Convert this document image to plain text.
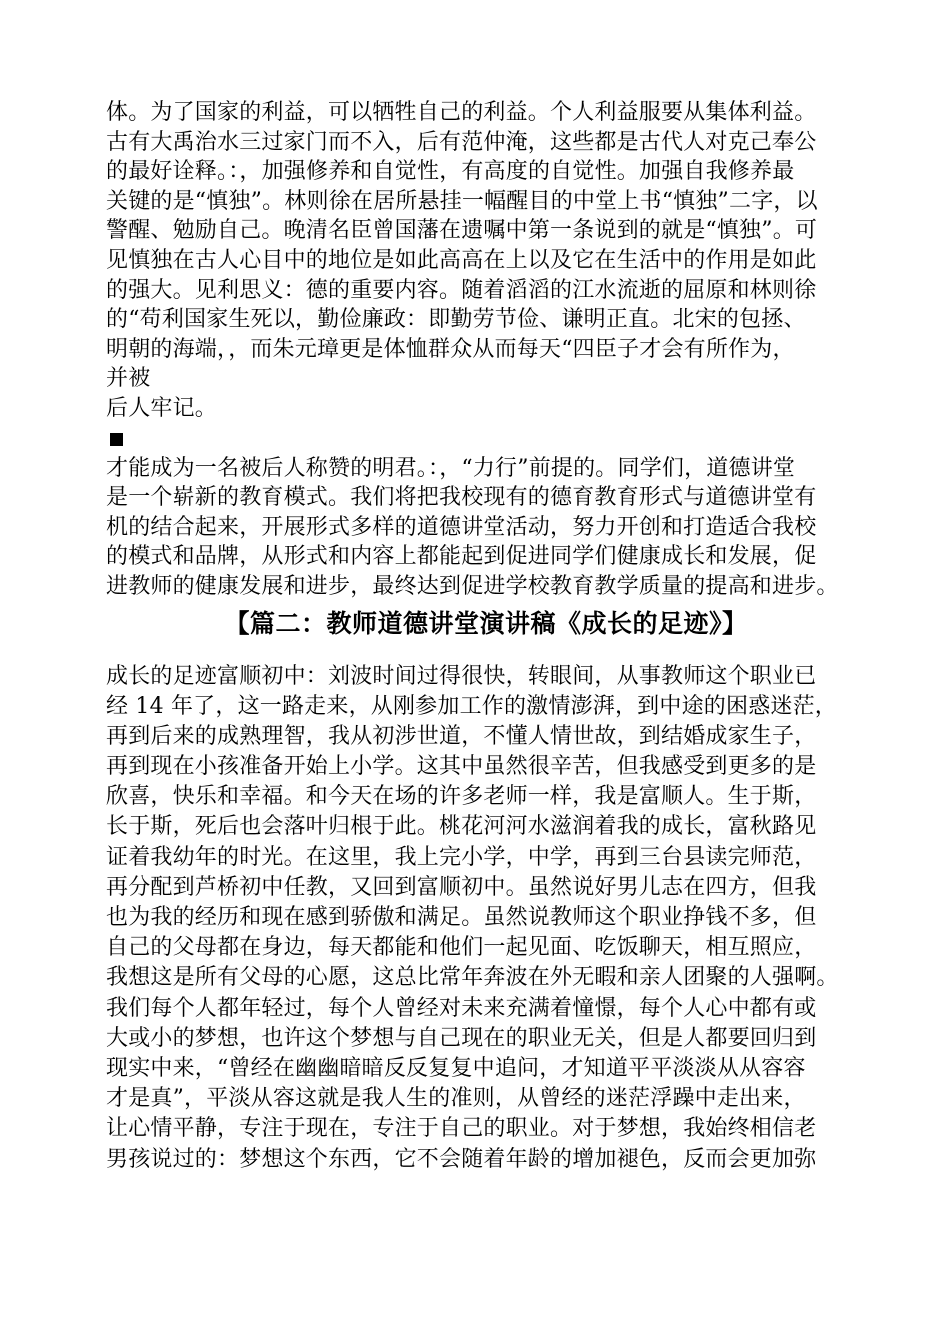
体。为了国家的利益，可以牺牲自己的利益。个人利益服要从集体利益。
古有大禹治水三过家门而不入，后有范仲淹，这些都是古代人对克己奉公
的最好诠释。：，加强修养和自觉性，有高度的自觉性。加强自我修养最
关键的是“慎独”。林则徐在居所悬挂一幅醒目的中堂上书“慎独”二字，以
警醒、勉励自己。晚清名臣曾国藩在遗嘱中第一条说到的就是“慎独”。可
见慎独在古人心目中的地位是如此高高在上以及它在生活中的作用是如此
的强大。见利思义：德的重要内容。随着滔滔的江水流逝的屈原和林则徐
的“苟利国家生死以，勤俭廉政：即勤劳节俭、谦明正直。北宋的包拯、
明朝的海端，，而朱元璋更是体恤群众从而每天“四臣子才会有所作为，
并被
后人牢记。
才能成为一名被后人称赞的明君。：，“力行”前提的。同学们，道德讲堂
是一个崭新的教育模式。我们将把我校现有的德育教育形式与道德讲堂有
机的结合起来，开展形式多样的道德讲堂活动，努力开创和打造适合我校
的模式和品牌，从形式和内容上都能起到促进同学们健康成长和发展，促
进教师的健康发展和进步，最终达到促进学校教育教学质量的提高和进步。
【篇二：教师道德讲堂演讲稿《成长的足迹》】
成长的足迹富顺初中：刘波时间过得很快，转眼间，从事教师这个职业已
经 14 年了，这一路走来，从刚参加工作的激情澎湃，到中途的困惑迷茫，
再到后来的成熟理智，我从初涉世道，不懂人情世故，到结婚成家生子，
再到现在小孩准备开始上小学。这其中虽然很辛苦，但我感受到更多的是
欣喜，快乐和幸福。和今天在场的许多老师一样，我是富顺人。生于斯，
长于斯，死后也会落叶归根于此。桃花河河水滋润着我的成长，富秋路见
证着我幼年的时光。在这里，我上完小学，中学，再到三台县读完师范，
再分配到芦桥初中任教，又回到富顺初中。虽然说好男儿志在四方，但我
也为我的经历和现在感到骄傲和满足。虽然说教师这个职业挣钱不多，但
自己的父母都在身边，每天都能和他们一起见面、吃饭聊天，相互照应，
我想这是所有父母的心愿，这总比常年奔波在外无暇和亲人团聚的人强啊。
我们每个人都年轻过，每个人曾经对未来充满着憧憬，每个人心中都有或
大或小的梦想，也许这个梦想与自己现在的职业无关，但是人都要回归到
现实中来，“曾经在幽幽暗暗反反复复中追问，才知道平平淡淡从从容容
才是真”，平淡从容这就是我人生的准则，从曾经的迷茫浮躁中走出来，
让心情平静，专注于现在，专注于自己的职业。对于梦想，我始终相信老
男孩说过的：梦想这个东西，它不会随着年龄的增加褪色，反而会更加弥
